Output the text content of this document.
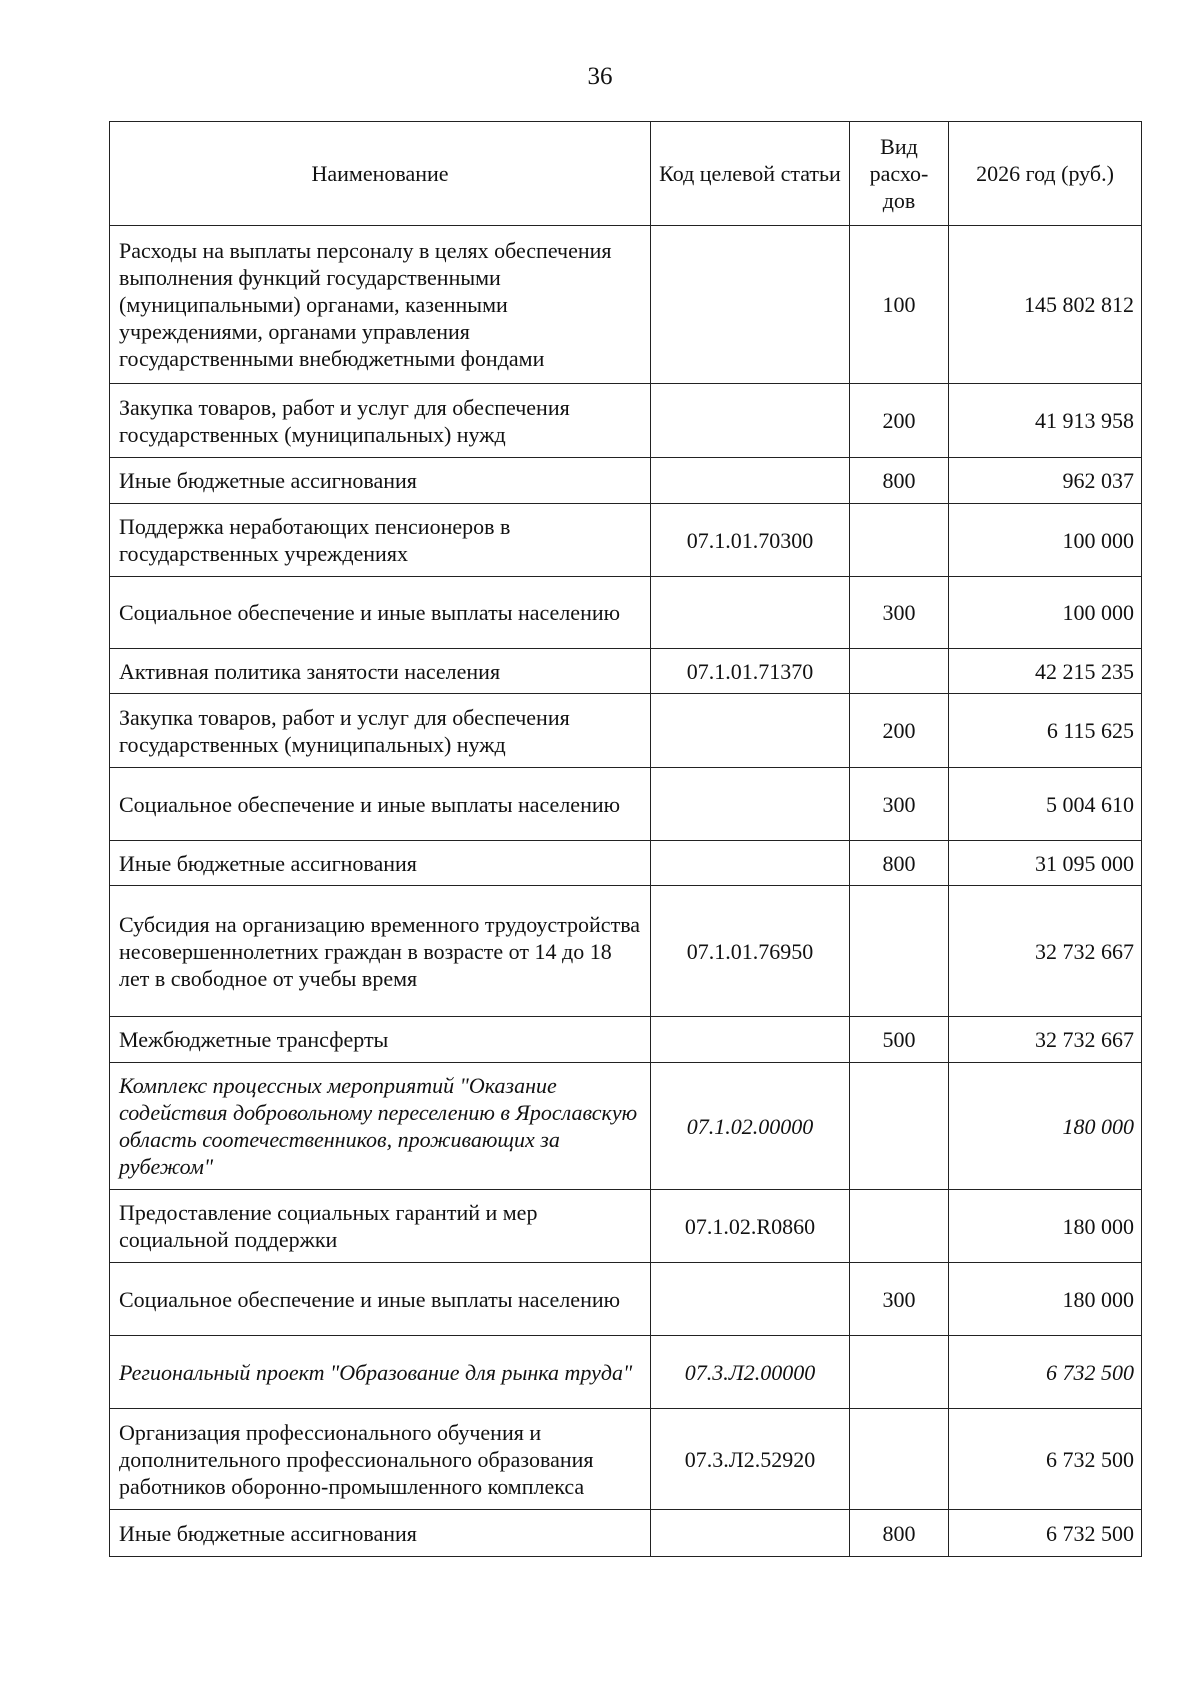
36
Наименование	Код целевой статьи	Вид расхо-дов	2026 год (руб.)
Расходы на выплаты персоналу в целях обеспечения выполнения функций государственными (муниципальными) органами, казенными учреждениями, органами управления государственными внебюджетными фондами		100	145 802 812
Закупка товаров, работ и услуг для обеспечения государственных (муниципальных) нужд		200	41 913 958
Иные бюджетные ассигнования		800	962 037
Поддержка неработающих пенсионеров в государственных учреждениях	07.1.01.70300		100 000
Социальное обеспечение и иные выплаты населению		300	100 000
Активная политика занятости населения	07.1.01.71370		42 215 235
Закупка товаров, работ и услуг для обеспечения государственных (муниципальных) нужд		200	6 115 625
Социальное обеспечение и иные выплаты населению		300	5 004 610
Иные бюджетные ассигнования		800	31 095 000
Субсидия на организацию временного трудоустройства несовершеннолетних граждан в возрасте от 14 до 18 лет в свободное от учебы время	07.1.01.76950		32 732 667
Межбюджетные трансферты		500	32 732 667
Комплекс процессных мероприятий "Оказание содействия добровольному переселению в Ярославскую область соотечественников, проживающих за рубежом"	07.1.02.00000		180 000
Предоставление социальных гарантий и мер социальной поддержки	07.1.02.R0860		180 000
Социальное обеспечение и иные выплаты населению		300	180 000
Региональный проект "Образование для рынка труда"	07.3.Л2.00000		6 732 500
Организация профессионального обучения и дополнительного профессионального образования работников оборонно-промышленного комплекса	07.3.Л2.52920		6 732 500
Иные бюджетные ассигнования		800	6 732 500
